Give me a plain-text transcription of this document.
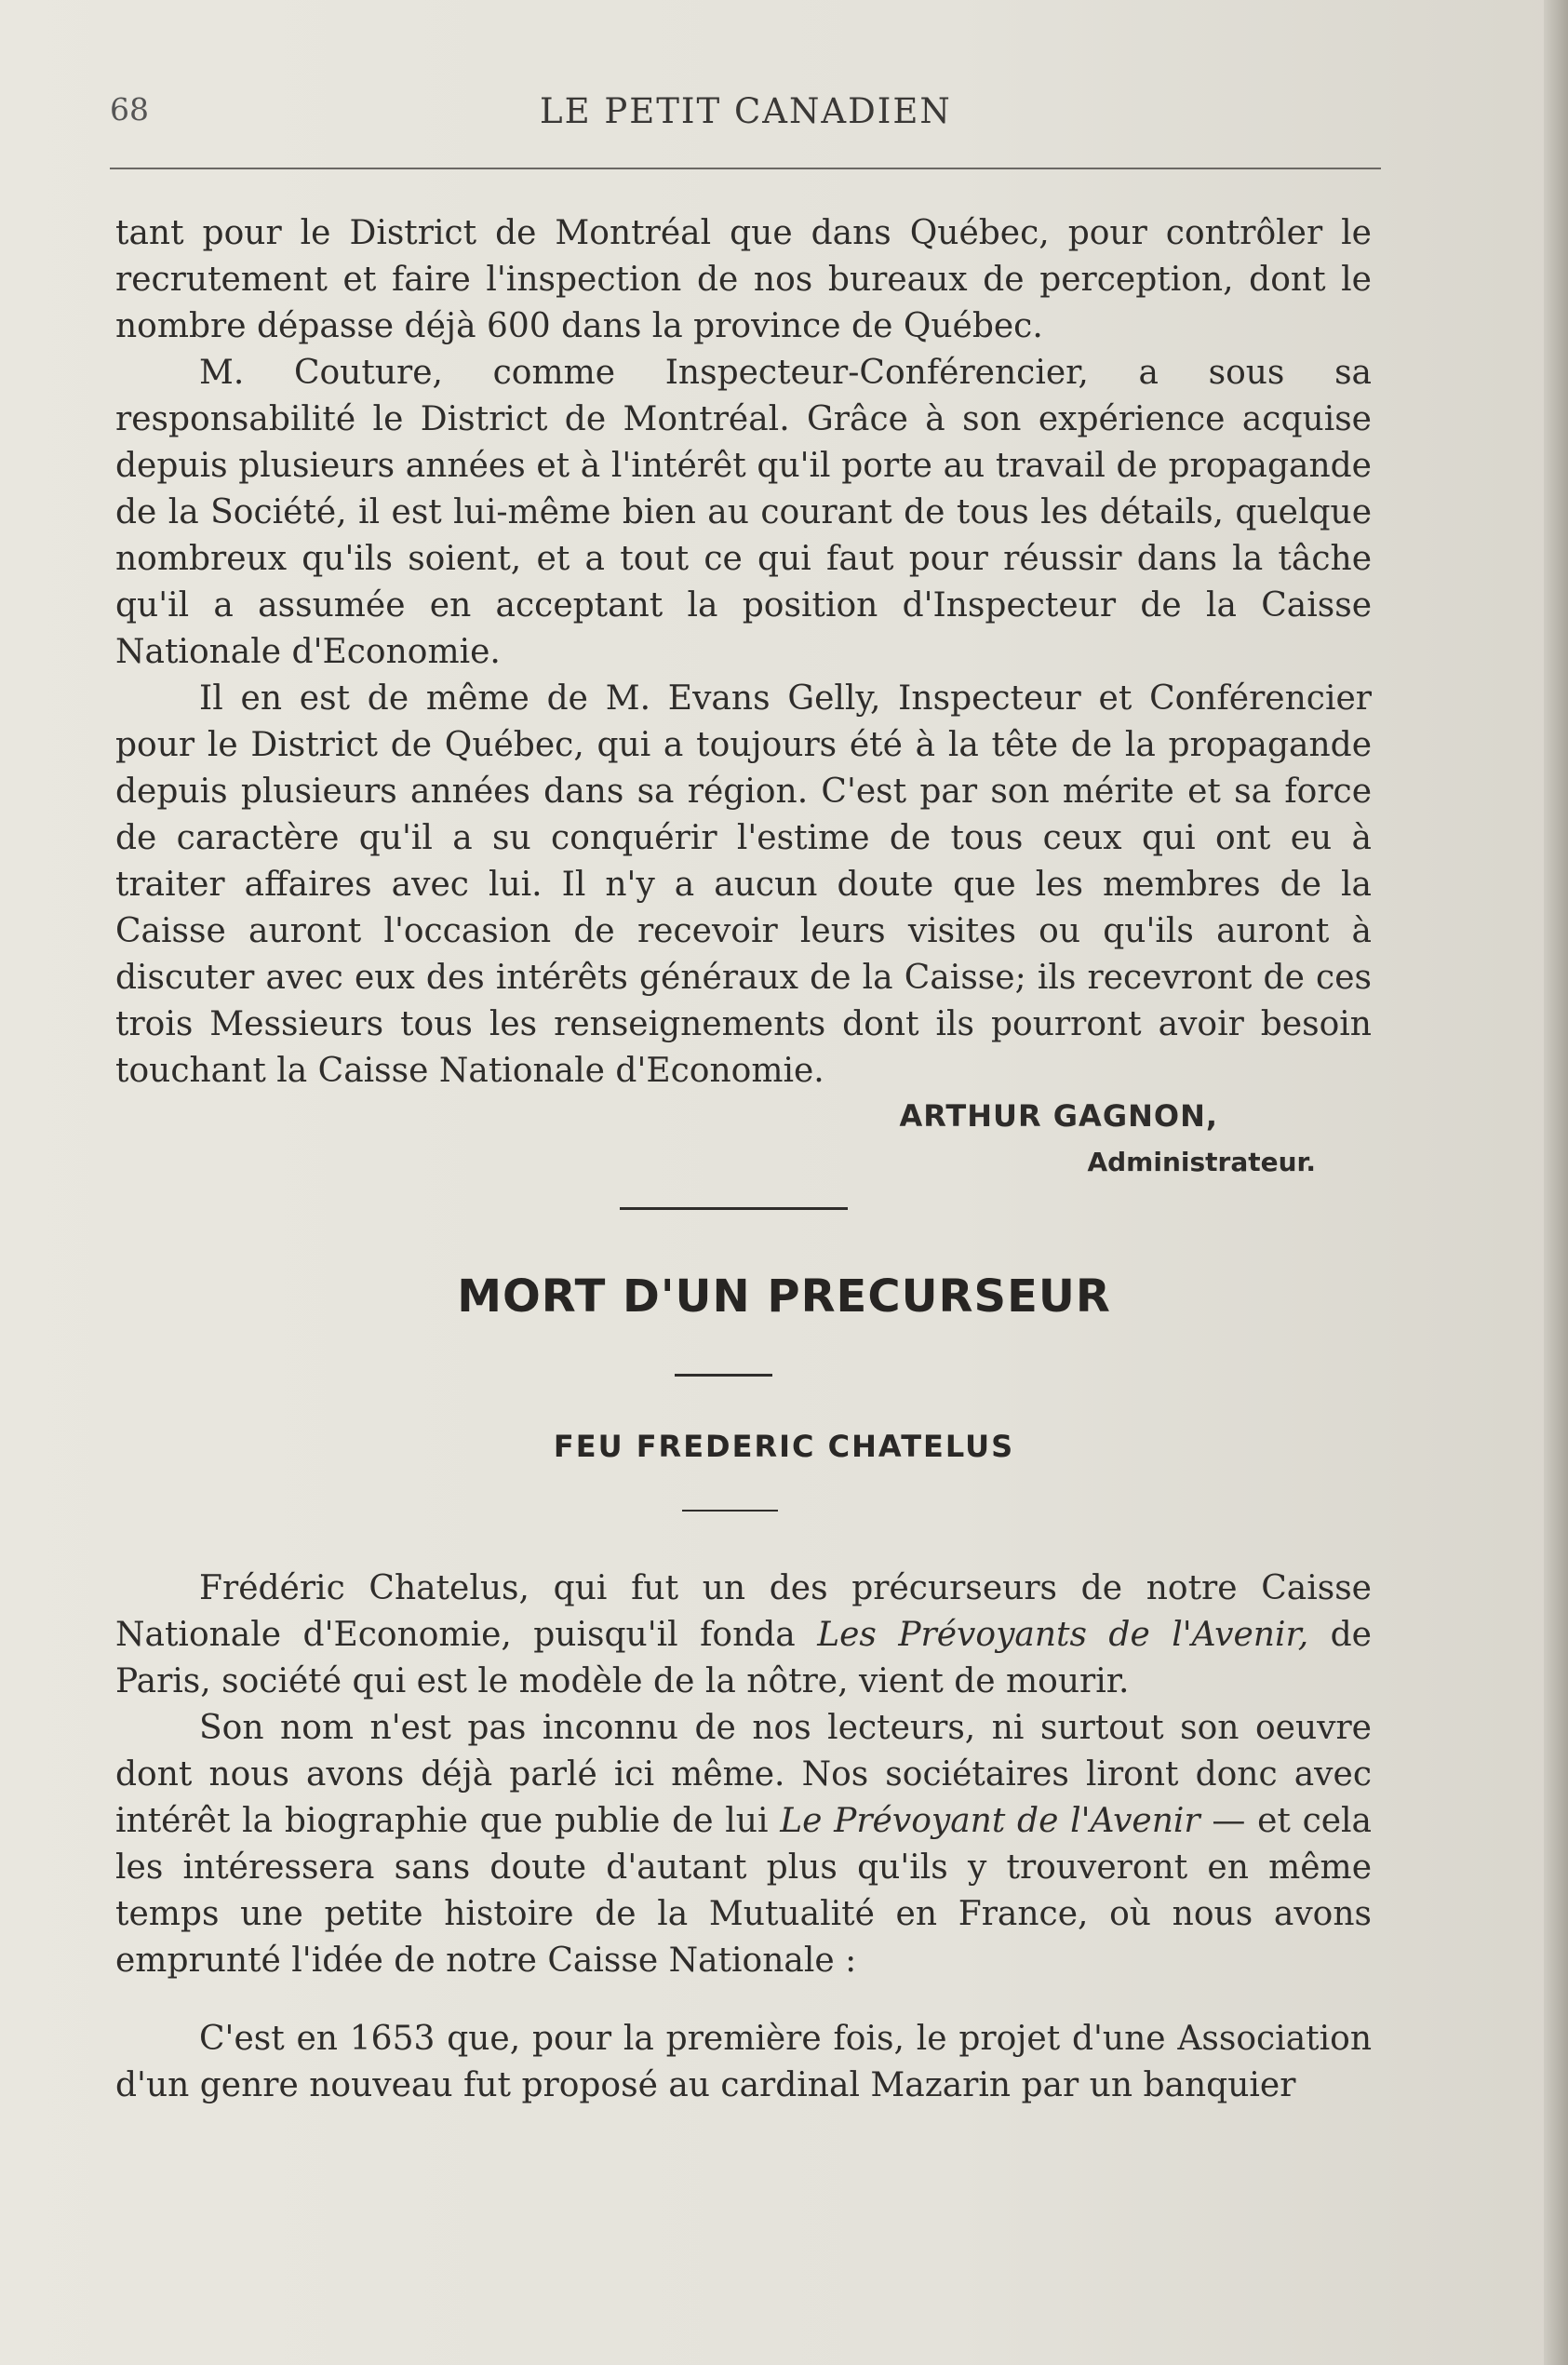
68	LE PETIT CANADIEN

tant pour le District de Montréal que dans Québec, pour contrôler le recrutement et faire l'inspection de nos bureaux de perception, dont le nombre dépasse déjà 600 dans la province de Québec.

M. Couture, comme Inspecteur-Conférencier, a sous sa responsabilité le District de Montréal. Grâce à son expérience acquise depuis plusieurs années et à l'intérêt qu'il porte au travail de propagande de la Société, il est lui-même bien au courant de tous les détails, quelque nombreux qu'ils soient, et a tout ce qui faut pour réussir dans la tâche qu'il a assumée en acceptant la position d'Inspecteur de la Caisse Nationale d'Economie.

Il en est de même de M. Evans Gelly, Inspecteur et Conférencier pour le District de Québec, qui a toujours été à la tête de la propagande depuis plusieurs années dans sa région. C'est par son mérite et sa force de caractère qu'il a su conquérir l'estime de tous ceux qui ont eu à traiter affaires avec lui. Il n'y a aucun doute que les membres de la Caisse auront l'occasion de recevoir leurs visites ou qu'ils auront à discuter avec eux des intérêts généraux de la Caisse; ils recevront de ces trois Messieurs tous les renseignements dont ils pourront avoir besoin touchant la Caisse Nationale d'Economie.

ARTHUR GAGNON,
Administrateur.
MORT D'UN PRECURSEUR
FEU FREDERIC CHATELUS

Frédéric Chatelus, qui fut un des précurseurs de notre Caisse Nationale d'Economie, puisqu'il fonda Les Prévoyants de l'Avenir, de Paris, société qui est le modèle de la nôtre, vient de mourir.

Son nom n'est pas inconnu de nos lecteurs, ni surtout son oeuvre dont nous avons déjà parlé ici même. Nos sociétaires liront donc avec intérêt la biographie que publie de lui Le Prévoyant de l'Avenir — et cela les intéressera sans doute d'autant plus qu'ils y trouveront en même temps une petite histoire de la Mutualité en France, où nous avons emprunté l'idée de notre Caisse Nationale :

C'est en 1653 que, pour la première fois, le projet d'une Association d'un genre nouveau fut proposé au cardinal Mazarin par un banquier
